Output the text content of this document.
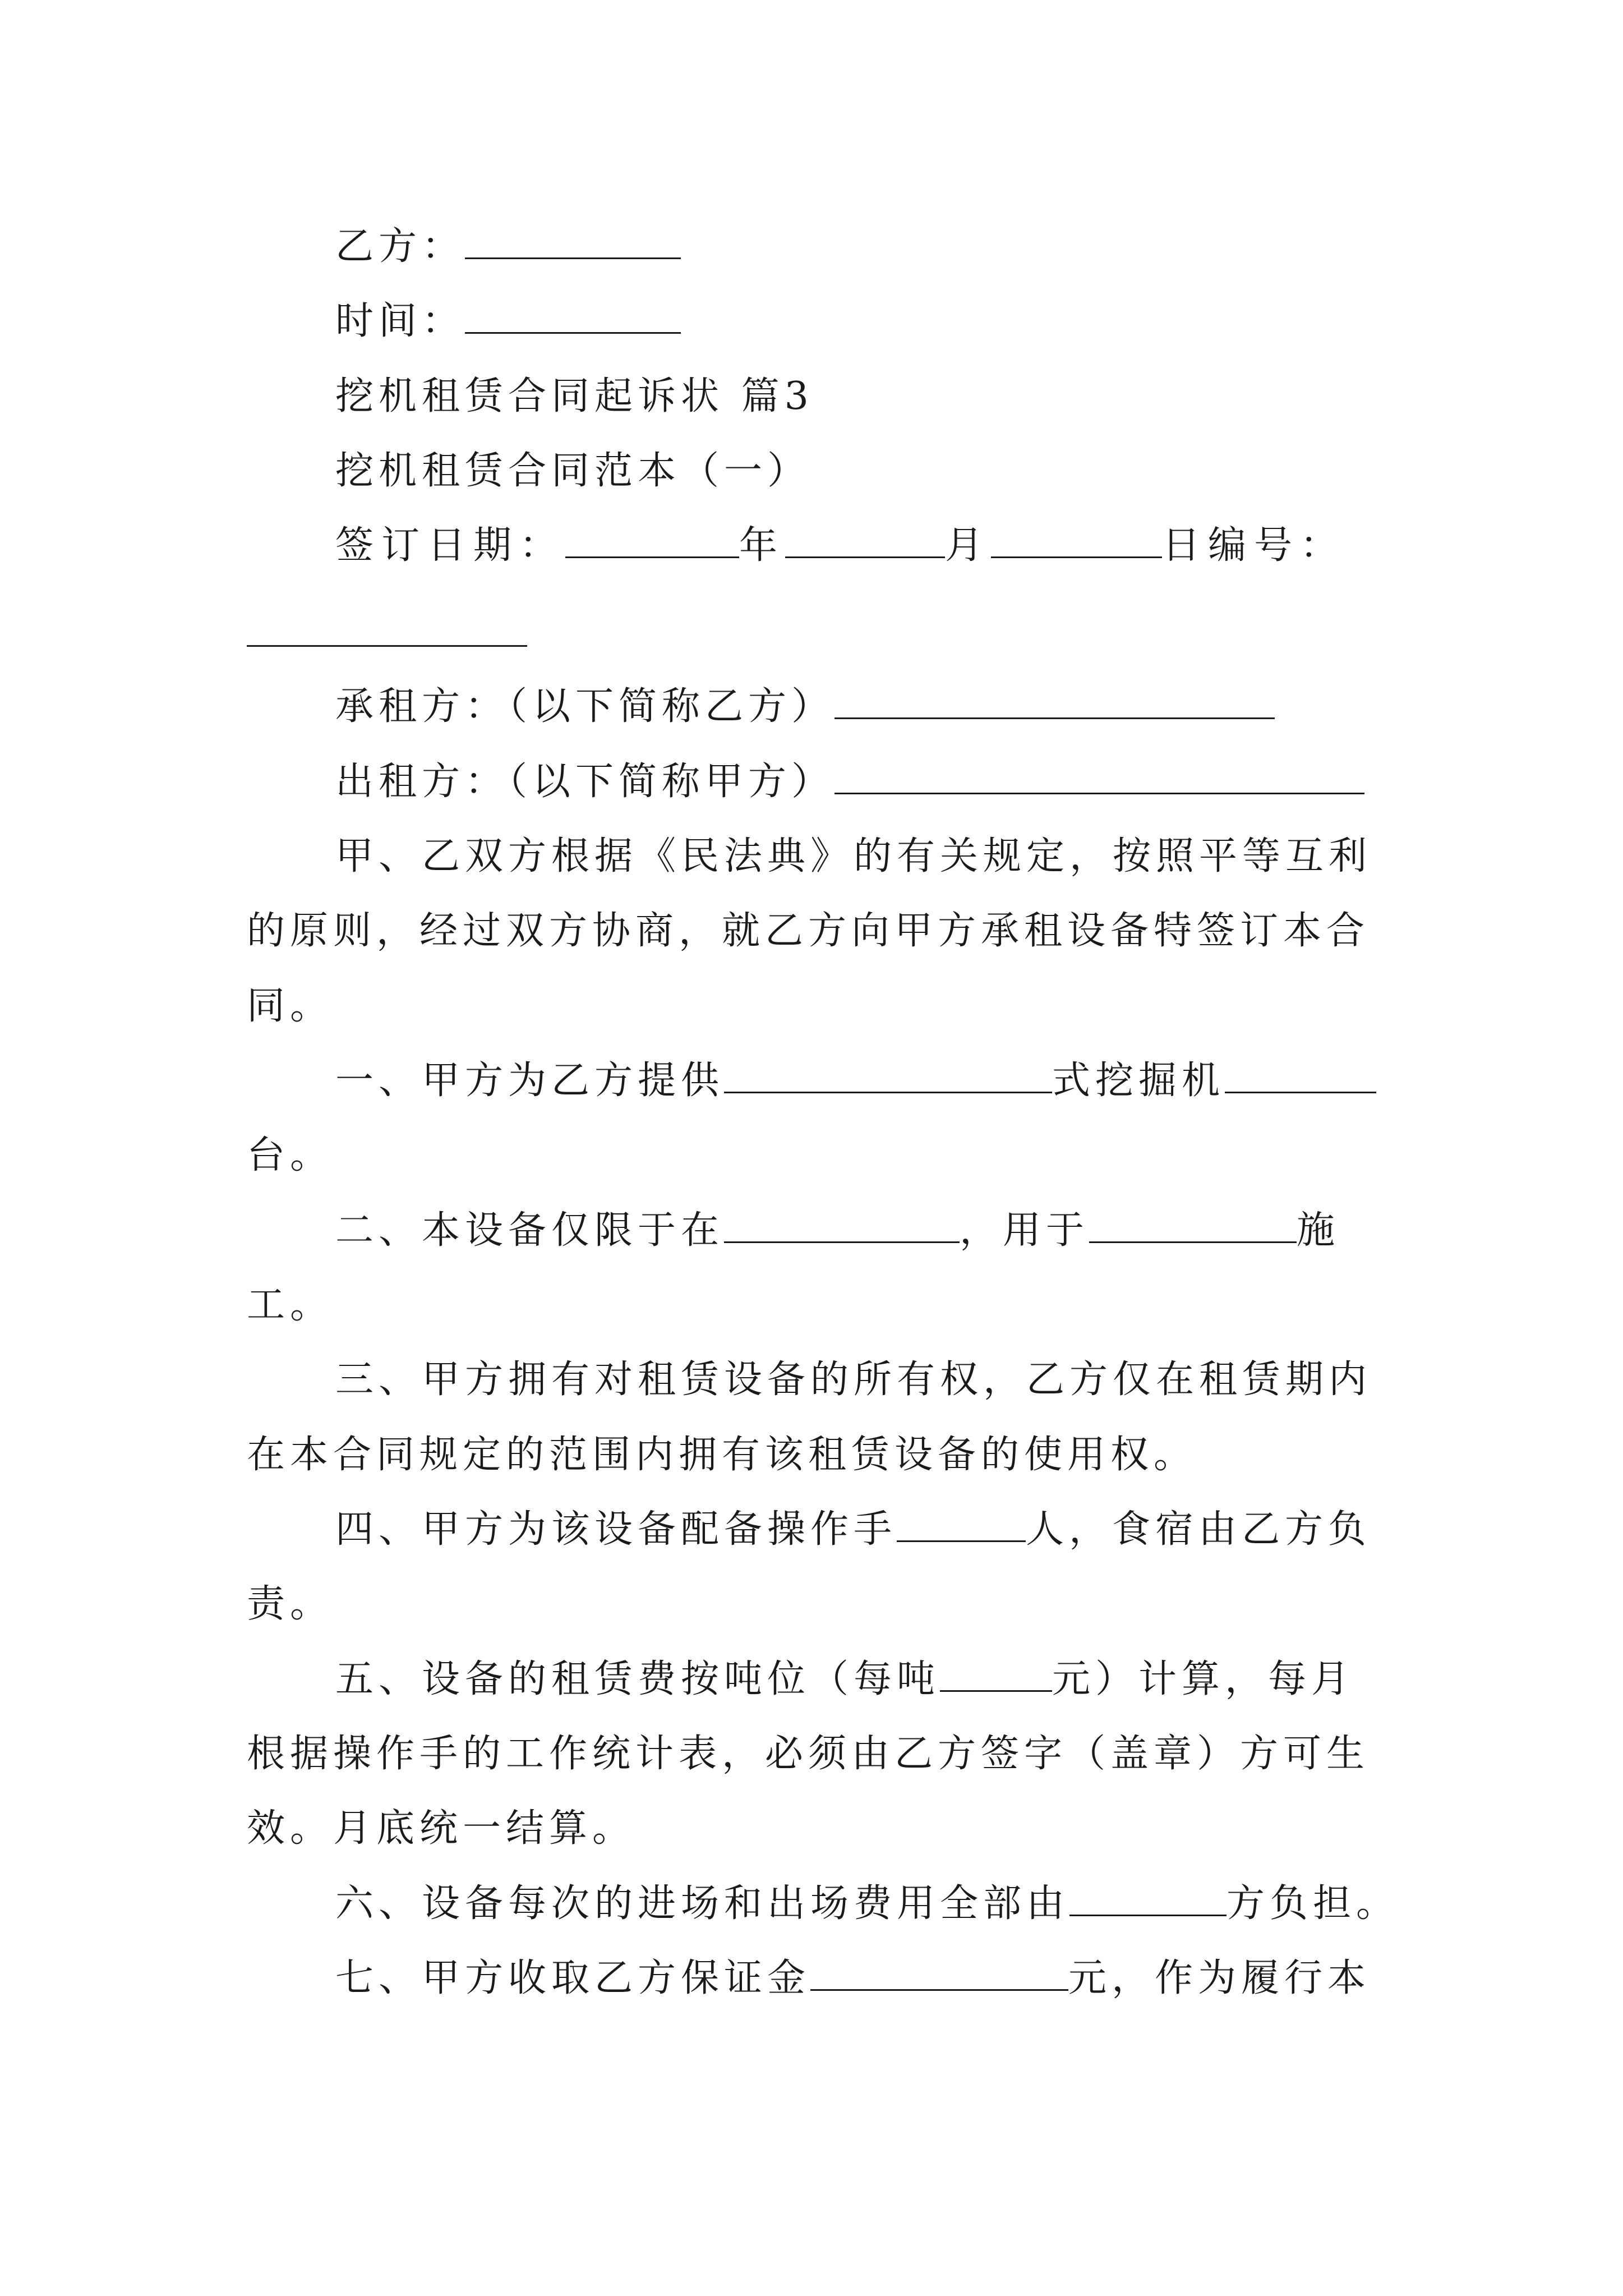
乙方：
时间：
挖机租赁合同起诉状 篇3
挖机租赁合同范本（一）
签订日期：	年	月	日编号：
承租方：（以下简称乙方）
出租方：（以下简称甲方）
甲、乙双方根据《民法典》的有关规定，按照平等互利
的原则，经过双方协商，就乙方向甲方承租设备特签订本合
同。
一、甲方为乙方提供	式挖掘机
台。
二、本设备仅限于在	，用于	施
工。
三、甲方拥有对租赁设备的所有权，乙方仅在租赁期内
在本合同规定的范围内拥有该租赁设备的使用权。
四、甲方为该设备配备操作手	人，食宿由乙方负
责。
五、设备的租赁费按吨位（每吨	元）计算，每月
根据操作手的工作统计表，必须由乙方签字（盖章）方可生
效。月底统一结算。
六、设备每次的进场和出场费用全部由	方负担。
七、甲方收取乙方保证金	元，作为履行本
